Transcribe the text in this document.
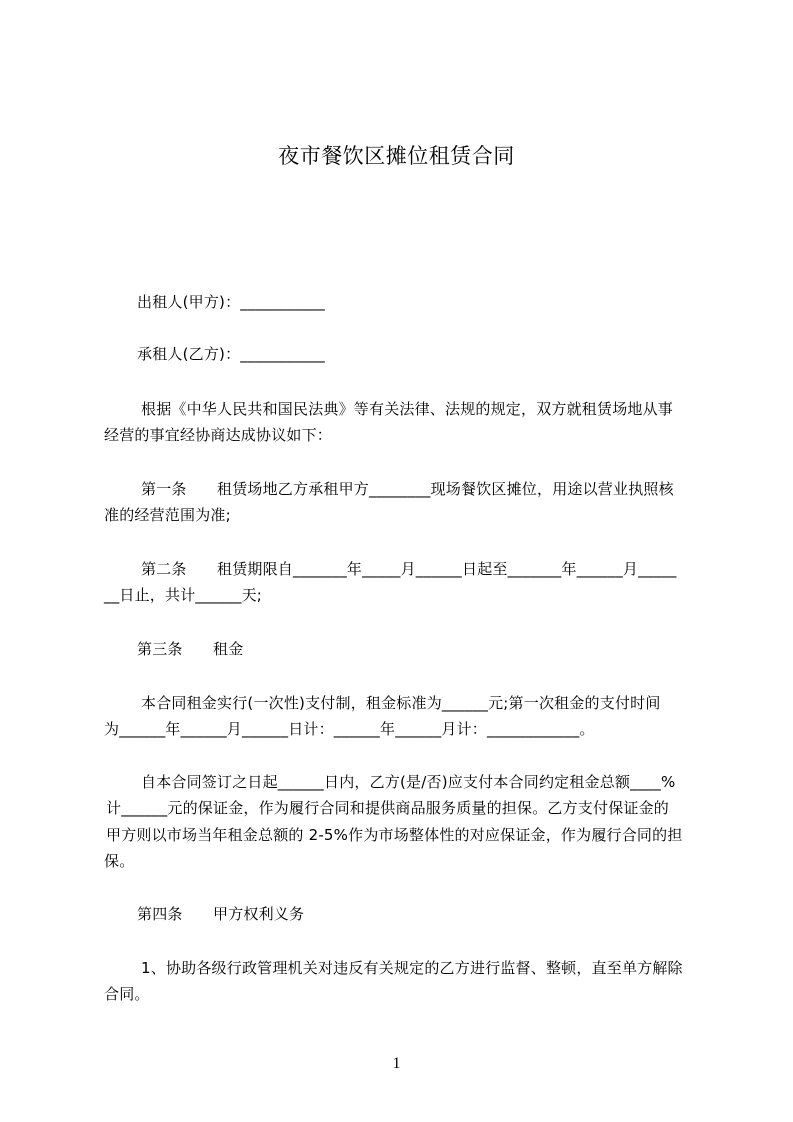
夜市餐饮区摊位租赁合同
出租人(甲方)：___________
承租人(乙方)：___________
根据《中华人民共和国民法典》等有关法律、法规的规定，双方就租赁场地从事
经营的事宜经协商达成协议如下：
第一条　　租赁场地乙方承租甲方________现场餐饮区摊位，用途以营业执照核
准的经营范围为准;
第二条　　租赁期限自_______年_____月______日起至_______年______月_____
__日止，共计______天;
第三条　　租金
本合同租金实行(一次性)支付制，租金标准为______元;第一次租金的支付时间
为______年______月______日计：______年______月计：____________。
自本合同签订之日起______日内，乙方(是/否)应支付本合同约定租金总额____%
计______元的保证金，作为履行合同和提供商品服务质量的担保。乙方支付保证金的
甲方则以市场当年租金总额的 2-5%作为市场整体性的对应保证金，作为履行合同的担
保。
第四条　　甲方权利义务
1、协助各级行政管理机关对违反有关规定的乙方进行监督、整顿，直至单方解除
合同。
1
